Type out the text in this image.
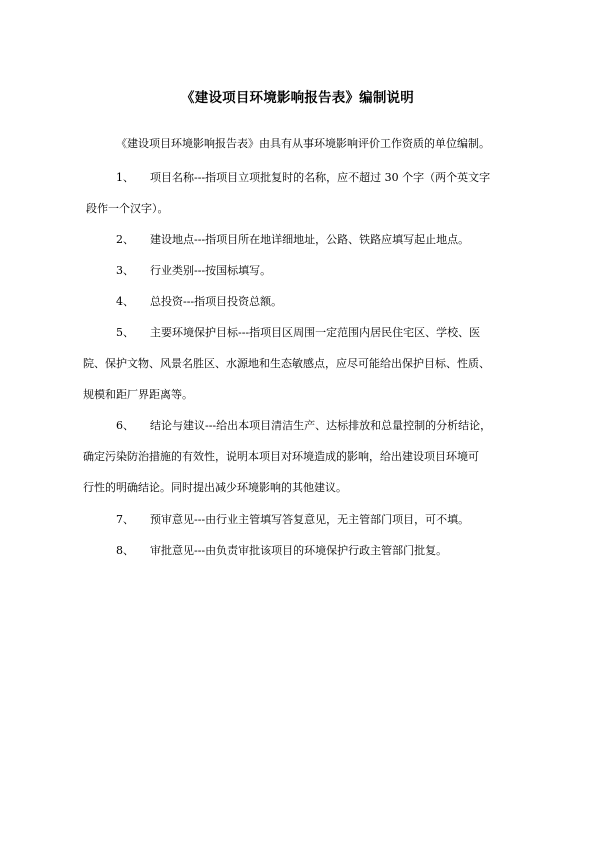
《建设项目环境影响报告表》编制说明
《建设项目环境影响报告表》由具有从事环境影响评价工作资质的单位编制。
1、 项目名称---指项目立项批复时的名称，应不超过 30 个字（两个英文字
段作一个汉字）。
2、 建设地点---指项目所在地详细地址，公路、铁路应填写起止地点。
3、 行业类别---按国标填写。
4、 总投资---指项目投资总额。
5、 主要环境保护目标---指项目区周围一定范围内居民住宅区、学校、医
院、保护文物、风景名胜区、水源地和生态敏感点，应尽可能给出保护目标、性质、
规模和距厂界距离等。
6、 结论与建议---给出本项目清洁生产、达标排放和总量控制的分析结论，
确定污染防治措施的有效性，说明本项目对环境造成的影响，给出建设项目环境可
行性的明确结论。同时提出减少环境影响的其他建议。
7、 预审意见---由行业主管填写答复意见，无主管部门项目，可不填。
8、 审批意见---由负责审批该项目的环境保护行政主管部门批复。
